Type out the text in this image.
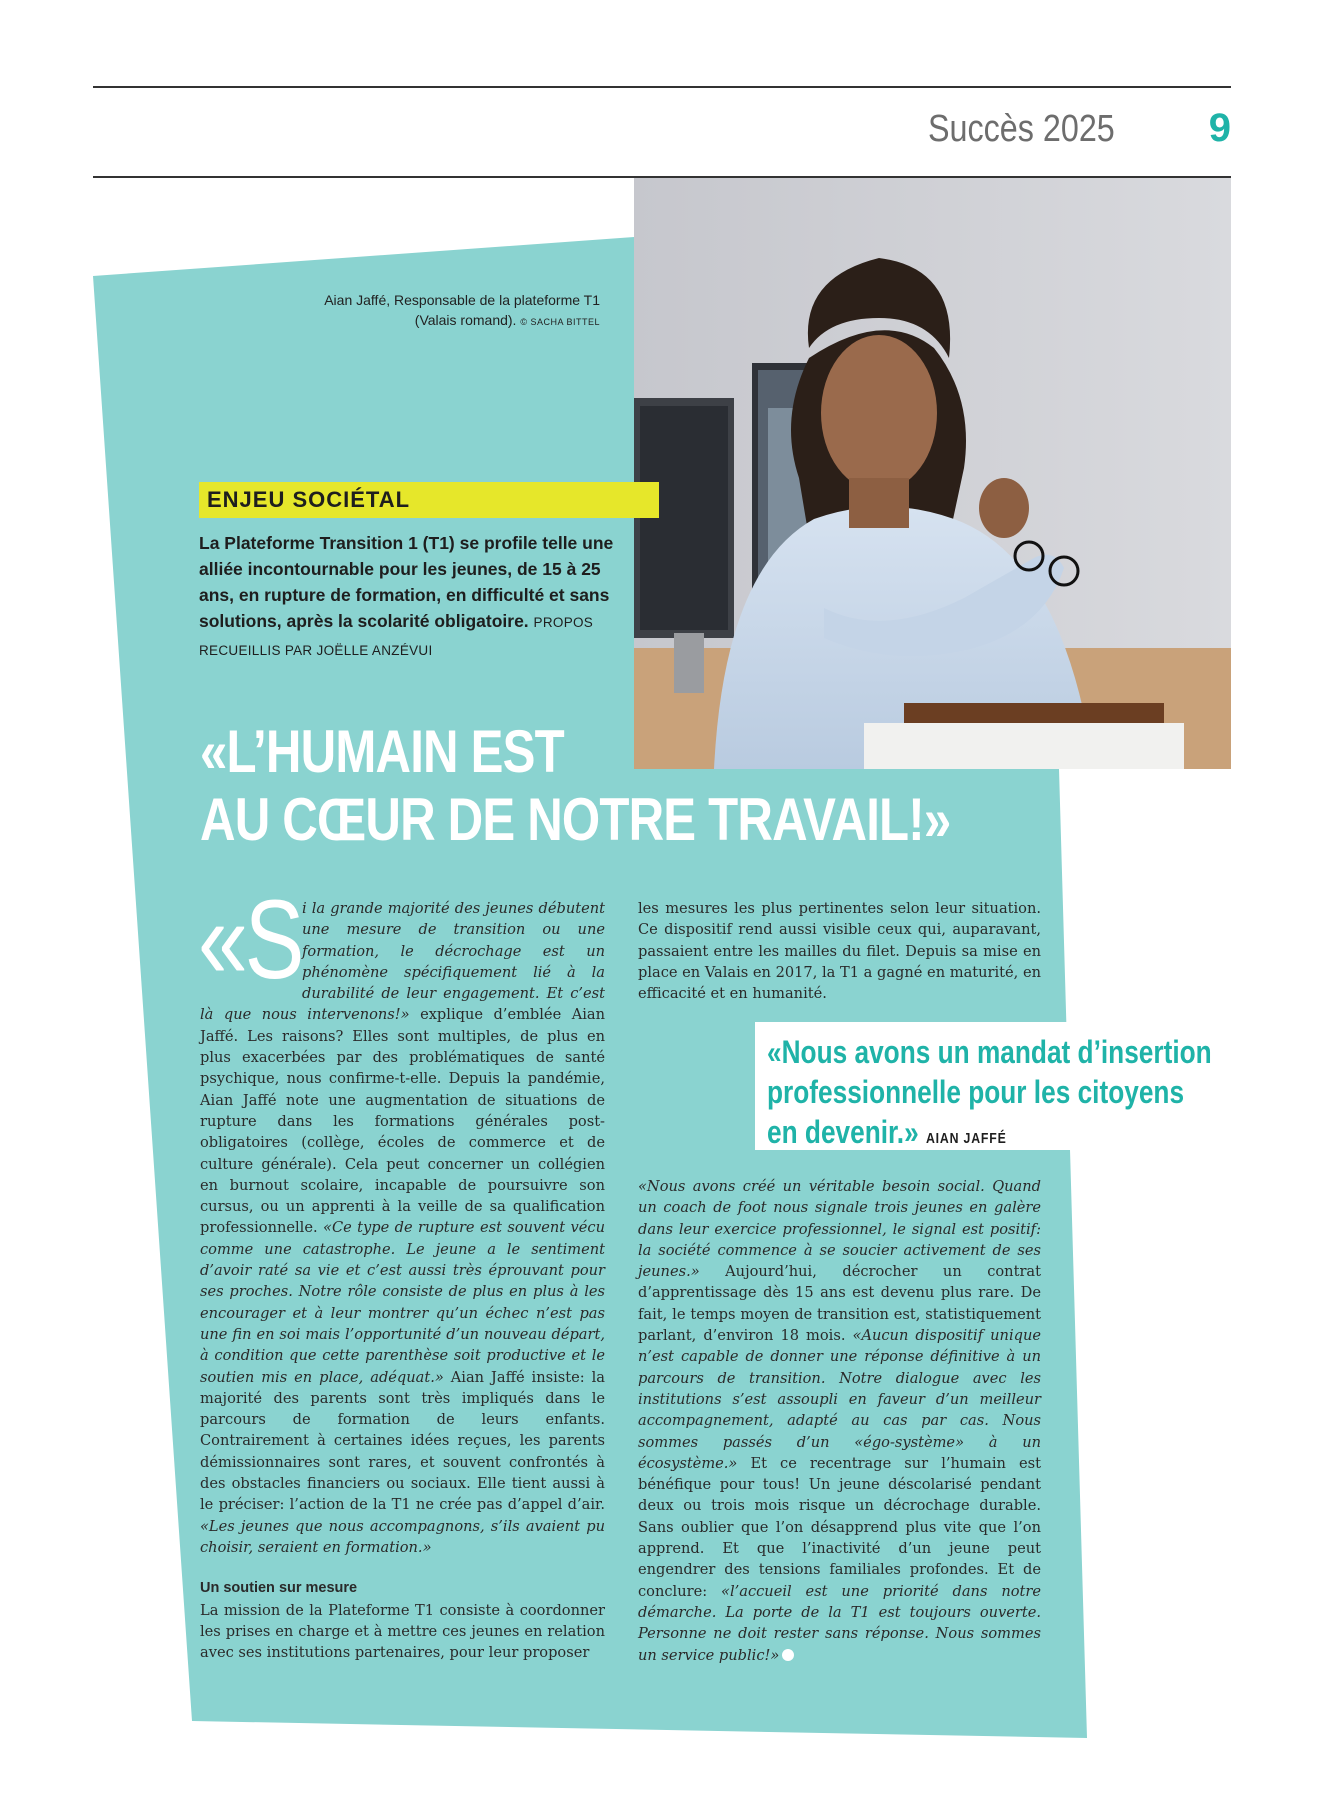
Succès 2025 9
Aian Jaffé, Responsable de la plateforme T1 (Valais romand). © SACHA BITTEL
ENJEU SOCIÉTAL
La Plateforme Transition 1 (T1) se profile telle une alliée incontournable pour les jeunes, de 15 à 25 ans, en rupture de formation, en difficulté et sans solutions, après la scolarité obligatoire. PROPOS RECUEILLIS PAR JOËLLE ANZÉVUI
«L’HUMAIN EST
AU CŒUR DE NOTRE TRAVAIL!»

«Si la grande majorité des jeunes débutent une mesure de transition ou une formation, le décrochage est un phénomène spécifiquement lié à la durabilité de leur engagement. Et c’est là que nous intervenons!» explique d’emblée Aian Jaffé. Les raisons? Elles sont multiples, de plus en plus exacerbées par des problématiques de santé psychique, nous confirme-t-elle. Depuis la pandémie, Aian Jaffé note une augmentation de situations de rupture dans les formations générales post-obligatoires (collège, écoles de commerce et de culture générale). Cela peut concerner un collégien en burnout scolaire, incapable de poursuivre son cursus, ou un apprenti à la veille de sa qualification professionnelle. «Ce type de rupture est souvent vécu comme une catastrophe. Le jeune a le sentiment d’avoir raté sa vie et c’est aussi très éprouvant pour ses proches. Notre rôle consiste de plus en plus à les encourager et à leur montrer qu’un échec n’est pas une fin en soi mais l’opportunité d’un nouveau départ, à condition que cette parenthèse soit productive et le soutien mis en place, adéquat.» Aian Jaffé insiste: la majorité des parents sont très impliqués dans le parcours de formation de leurs enfants. Contrairement à certaines idées reçues, les parents démissionnaires sont rares, et souvent confrontés à des obstacles financiers ou sociaux. Elle tient aussi à le préciser: l’action de la T1 ne crée pas d’appel d’air. «Les jeunes que nous accompagnons, s’ils avaient pu choisir, seraient en formation.»

Un soutien sur mesure

La mission de la Plateforme T1 consiste à coordonner les prises en charge et à mettre ces jeunes en relation avec ses institutions partenaires, pour leur proposer

les mesures les plus pertinentes selon leur situation. Ce dispositif rend aussi visible ceux qui, auparavant, passaient entre les mailles du filet. Depuis sa mise en place en Valais en 2017, la T1 a gagné en maturité, en efficacité et en humanité.

«Nous avons un mandat d’insertion
professionnelle pour les citoyens
en devenir.» AIAN JAFFÉ

«Nous avons créé un véritable besoin social. Quand un coach de foot nous signale trois jeunes en galère dans leur exercice professionnel, le signal est positif: la société commence à se soucier activement de ses jeunes.» Aujourd’hui, décrocher un contrat d’apprentissage dès 15 ans est devenu plus rare. De fait, le temps moyen de transition est, statistiquement parlant, d’environ 18 mois. «Aucun dispositif unique n’est capable de donner une réponse définitive à un parcours de transition. Notre dialogue avec les institutions s’est assoupli en faveur d’un meilleur accompagnement, adapté au cas par cas. Nous sommes passés d’un «égo-système» à un écosystème.» Et ce recentrage sur l’humain est bénéfique pour tous! Un jeune déscolarisé pendant deux ou trois mois risque un décrochage durable. Sans oublier que l’on désapprend plus vite que l’on apprend. Et que l’inactivité d’un jeune peut engendrer des tensions familiales profondes. Et de conclure: «l’accueil est une priorité dans notre démarche. La porte de la T1 est toujours ouverte. Personne ne doit rester sans réponse. Nous sommes un service public!»
